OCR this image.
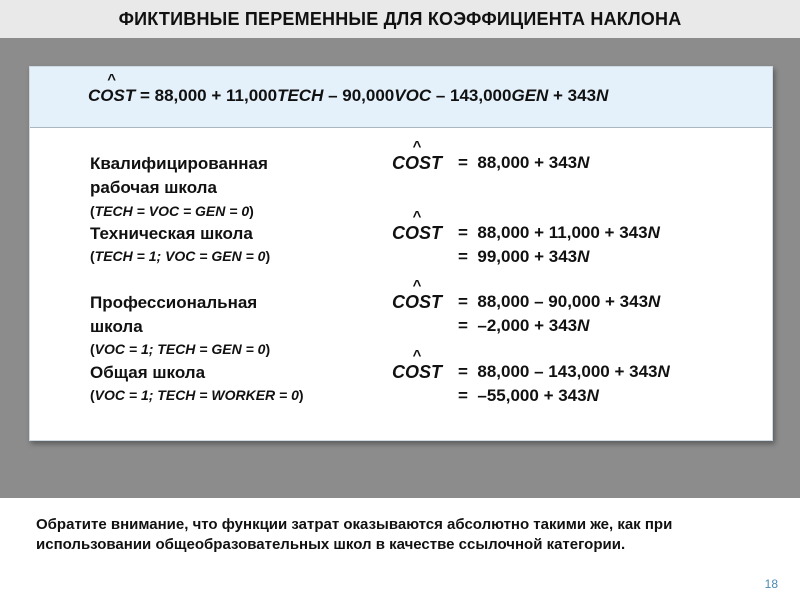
ФИКТИВНЫЕ ПЕРЕМЕННЫЕ ДЛЯ КОЭФФИЦИЕНТА НАКЛОНА
^
COST = 88,000 + 11,000TECH – 90,000VOC – 143,000GEN + 343N
Квалифицированная
рабочая школа
(TECH = VOC = GEN = 0)
^
COST = 88,000 + 343N
Техническая школа
(TECH = 1; VOC = GEN = 0)
^
COST = 88,000 + 11,000 + 343N
= 99,000 + 343N
Профессиональная
школа
(VOC = 1; TECH = GEN = 0)
^
COST = 88,000 – 90,000 + 343N
= –2,000 + 343N
Общая школа
(VOC = 1; TECH = WORKER = 0)
^
COST = 88,000 – 143,000 + 343N
= –55,000 + 343N
Обратите внимание, что функции затрат оказываются абсолютно такими же, как при использовании общеобразовательных школ в качестве ссылочной категории.
18
